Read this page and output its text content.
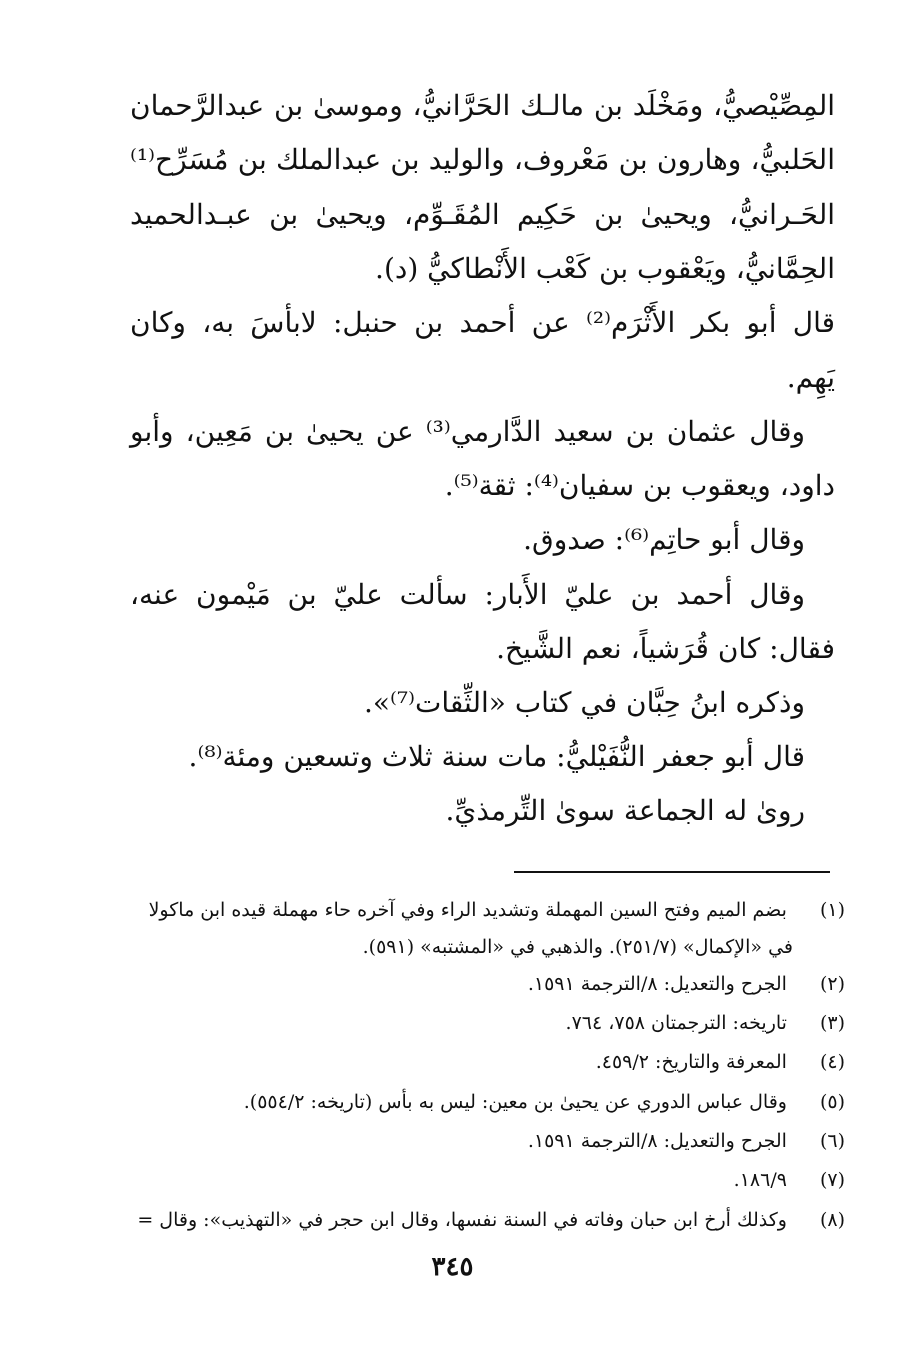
المِصِّيْصيُّ، ومَخْلَد بن مالـك الحَرَّانيُّ، وموسىٰ بن عبدالرَّحمان
الحَلبيُّ، وهارون بن مَعْروف، والوليد بن عبدالملك بن مُسَرِّح⁽¹⁾
الحَـرانيُّ، ويحيىٰ بن حَكِيم المُقَـوِّم، ويحيىٰ بن عبـدالحميد
الحِمَّانيُّ، ويَعْقوب بن كَعْب الأَنْطاكيُّ (د).
قال أبو بكر الأَثْرَم⁽²⁾ عن أحمد بن حنبل: لابأسَ به، وكان
يَهِم.
وقال عثمان بن سعيد الدَّارمي⁽³⁾ عن يحيىٰ بن مَعِين، وأبو
داود، ويعقوب بن سفيان⁽⁴⁾: ثقة⁽⁵⁾.
وقال أبو حاتِم⁽⁶⁾: صدوق.
وقال أحمد بن عليّ الأَبار: سألت عليّ بن مَيْمون عنه،
فقال: كان قُرَشياً، نعم الشَّيخ.
وذكره ابنُ حِبَّان في كتاب «الثِّقات⁽⁷⁾».
قال أبو جعفر النُّفَيْليُّ: مات سنة ثلاث وتسعين ومئة⁽⁸⁾.
روىٰ له الجماعة سوىٰ التِّرمذيِّ.
(١) بضم الميم وفتح السين المهملة وتشديد الراء وفي آخره حاء مهملة قيده ابن ماكولا
في «الإكمال» (٢٥١/٧). والذهبي في «المشتبه» (٥٩١).
(٢) الجرح والتعديل: ٨/الترجمة ١٥٩١.
(٣) تاريخه: الترجمتان ٧٥٨، ٧٦٤.
(٤) المعرفة والتاريخ: ٤٥٩/٢.
(٥) وقال عباس الدوري عن يحيىٰ بن معين: ليس به بأس (تاريخه: ٥٥٤/٢).
(٦) الجرح والتعديل: ٨/الترجمة ١٥٩١.
(٧) ١٨٦/٩.
(٨) وكذلك أرخ ابن حبان وفاته في السنة نفسها، وقال ابن حجر في «التهذيب»: وقال =
٣٤٥
